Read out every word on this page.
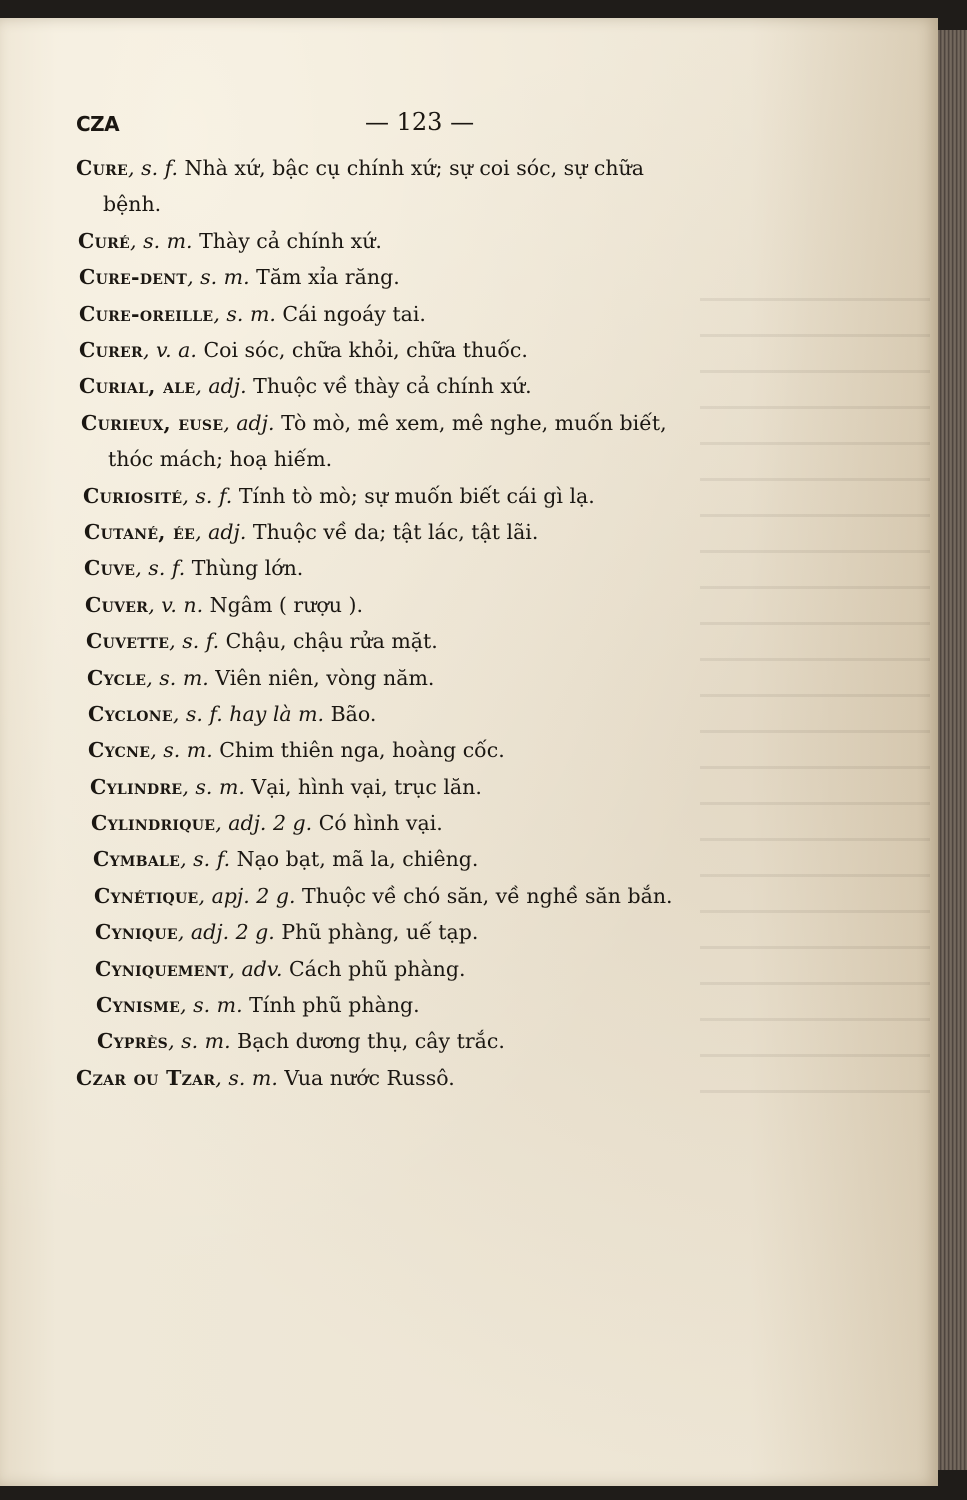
CZA	— 123 —
Cure, s. f. Nhà xứ, bậc cụ chính xứ; sự coi sóc, sự chữa
bệnh.
Curé, s. m. Thày cả chính xứ.
Cure-dent, s. m. Tăm xỉa răng.
Cure-oreille, s. m. Cái ngoáy tai.
Curer, v. a. Coi sóc, chữa khỏi, chữa thuốc.
Curial, ale, adj. Thuộc về thày cả chính xứ.
Curieux, euse, adj. Tò mò, mê xem, mê nghe, muốn biết,
thóc mách; hoạ hiếm.
Curiosité, s. f. Tính tò mò; sự muốn biết cái gì lạ.
Cutané, ée, adj. Thuộc về da; tật lác, tật lãi.
Cuve, s. f. Thùng lớn.
Cuver, v. n. Ngâm ( rượu ).
Cuvette, s. f. Chậu, chậu rửa mặt.
Cycle, s. m. Viên niên, vòng năm.
Cyclone, s. f. hay là m. Bão.
Cycne, s. m. Chim thiên nga, hoàng cốc.
Cylindre, s. m. Vại, hình vại, trục lăn.
Cylindrique, adj. 2 g. Có hình vại.
Cymbale, s. f. Nạo bạt, mã la, chiêng.
Cynétique, apj. 2 g. Thuộc về chó săn, về nghề săn bắn.
Cynique, adj. 2 g. Phũ phàng, uế tạp.
Cyniquement, adv. Cách phũ phàng.
Cynisme, s. m. Tính phũ phàng.
Cyprès, s. m. Bạch dương thụ, cây trắc.
Czar ou Tzar, s. m. Vua nước Russô.
